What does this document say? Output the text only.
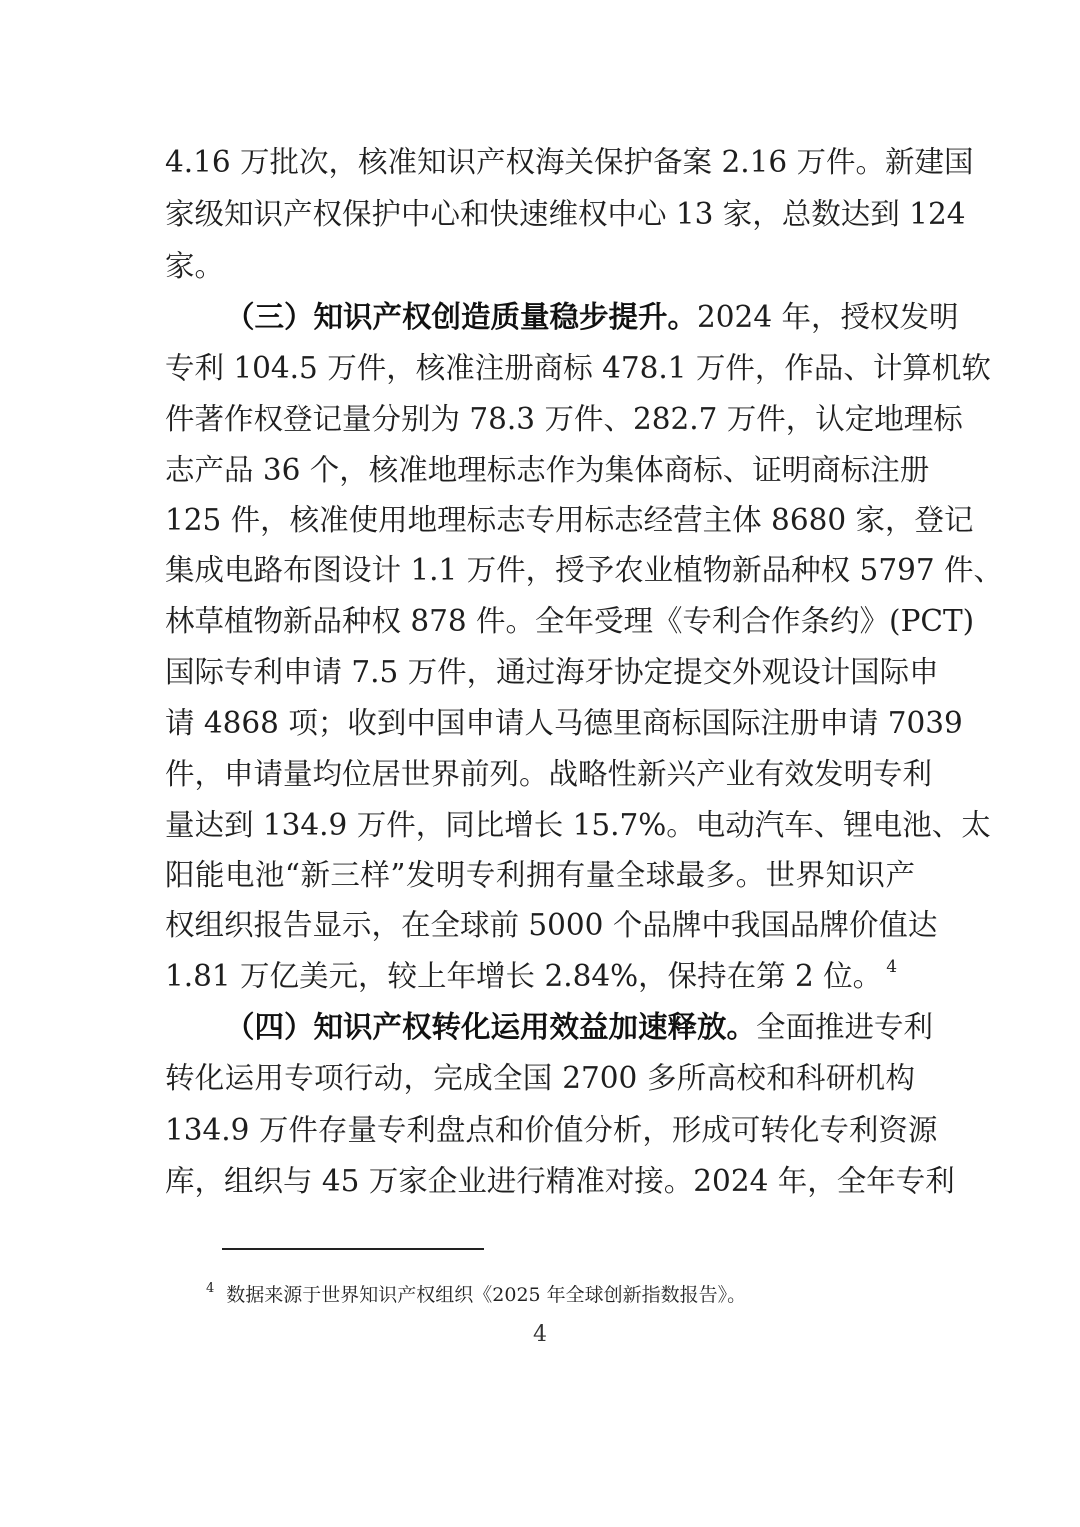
4.16 万批次，核准知识产权海关保护备案 2.16 万件。新建国
家级知识产权保护中心和快速维权中心 13 家，总数达到 124
家。
（三）知识产权创造质量稳步提升。2024 年，授权发明
专利 104.5 万件，核准注册商标 478.1 万件，作品、计算机软
件著作权登记量分别为 78.3 万件、282.7 万件，认定地理标
志产品 36 个，核准地理标志作为集体商标、证明商标注册
125 件，核准使用地理标志专用标志经营主体 8680 家，登记
集成电路布图设计 1.1 万件，授予农业植物新品种权 5797 件、
林草植物新品种权 878 件。全年受理《专利合作条约》(PCT)
国际专利申请 7.5 万件，通过海牙协定提交外观设计国际申
请 4868 项；收到中国申请人马德里商标国际注册申请 7039
件，申请量均位居世界前列。战略性新兴产业有效发明专利
量达到 134.9 万件，同比增长 15.7%。电动汽车、锂电池、太
阳能电池“新三样”发明专利拥有量全球最多。世界知识产
权组织报告显示，在全球前 5000 个品牌中我国品牌价值达
1.81 万亿美元，较上年增长 2.84%，保持在第 2 位。 $^4$
（四）知识产权转化运用效益加速释放。全面推进专利
转化运用专项行动，完成全国 2700 多所高校和科研机构
134.9 万件存量专利盘点和价值分析，形成可转化专利资源
库，组织与 45 万家企业进行精准对接。2024 年，全年专利
$^4$ 数据来源于世界知识产权组织《2025 年全球创新指数报告》。
4
